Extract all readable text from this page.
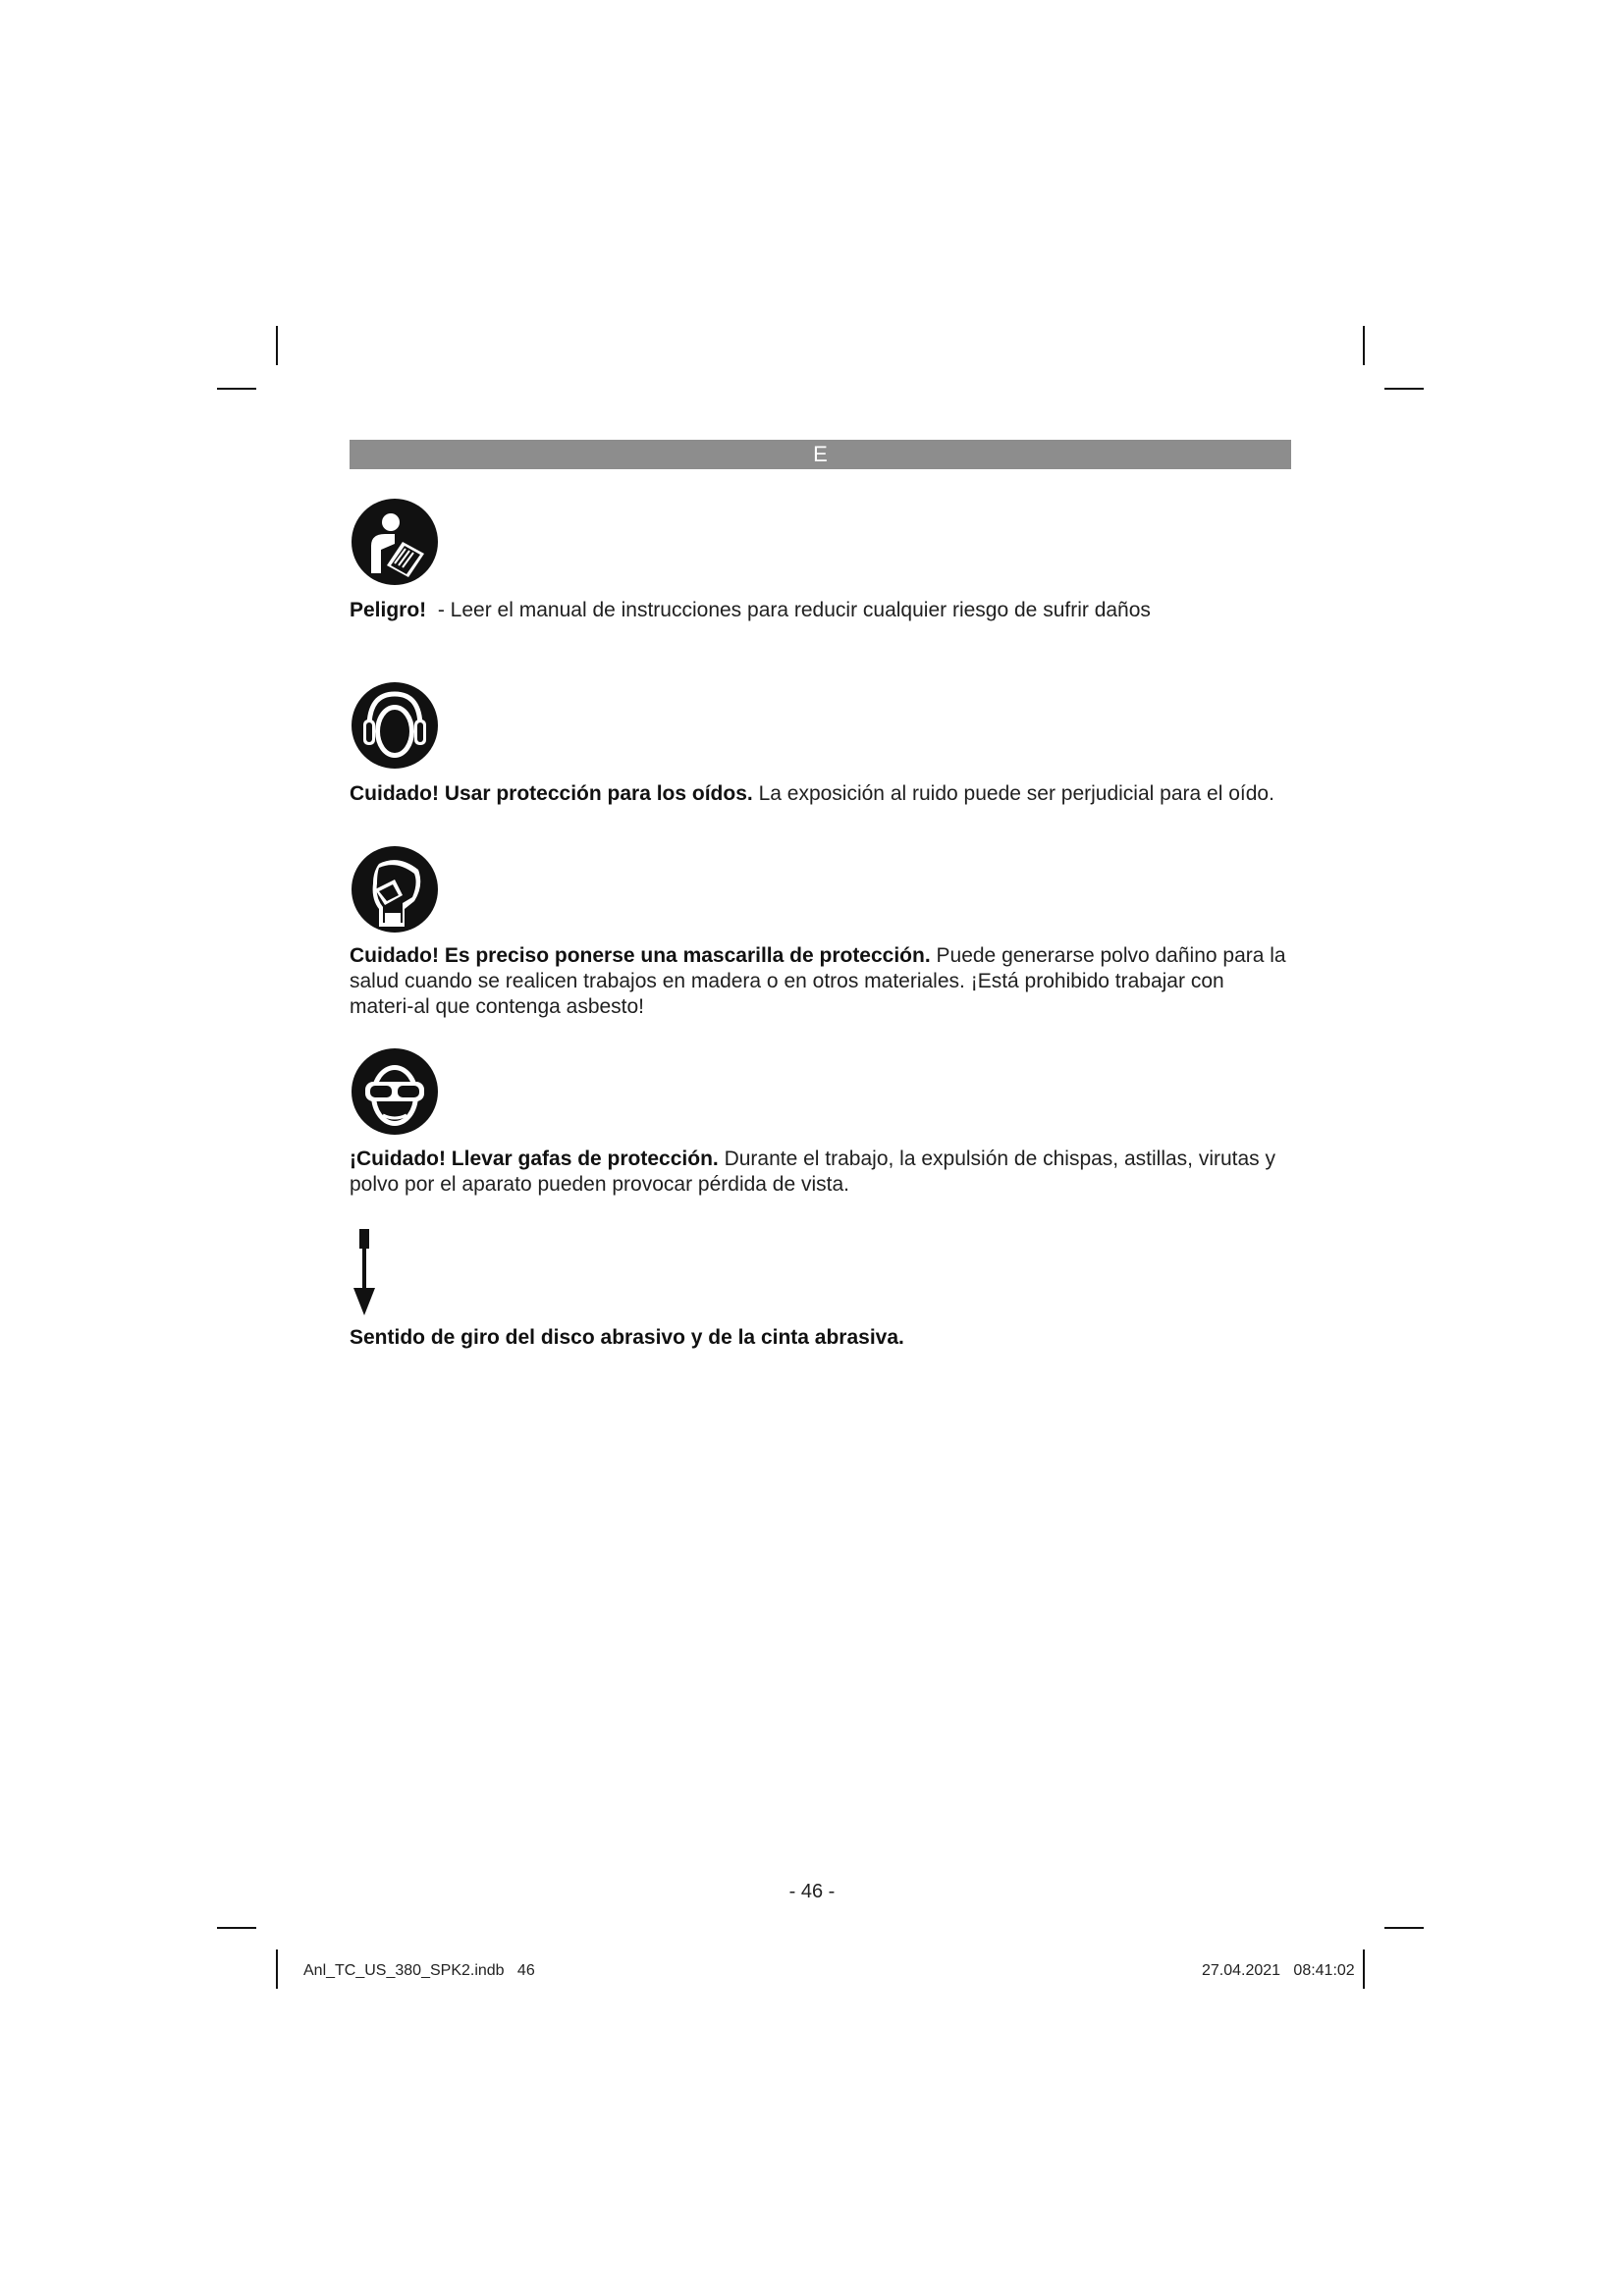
E
Peligro!  - Leer el manual de instrucciones para reducir cualquier riesgo de sufrir daños
Cuidado! Usar protección para los oídos. La exposición al ruido puede ser perjudicial para el oído.
Cuidado! Es preciso ponerse una mascarilla de protección. Puede generarse polvo dañino para la salud cuando se realicen trabajos en madera o en otros materiales. ¡Está prohibido trabajar con materi-al que contenga asbesto!
¡Cuidado! Llevar gafas de protección. Durante el trabajo, la expulsión de chispas, astillas, virutas y polvo por el aparato pueden provocar pérdida de vista.
Sentido de giro del disco abrasivo y de la cinta abrasiva.
- 46 -
Anl_TC_US_380_SPK2.indb   46	27.04.2021   08:41:02
